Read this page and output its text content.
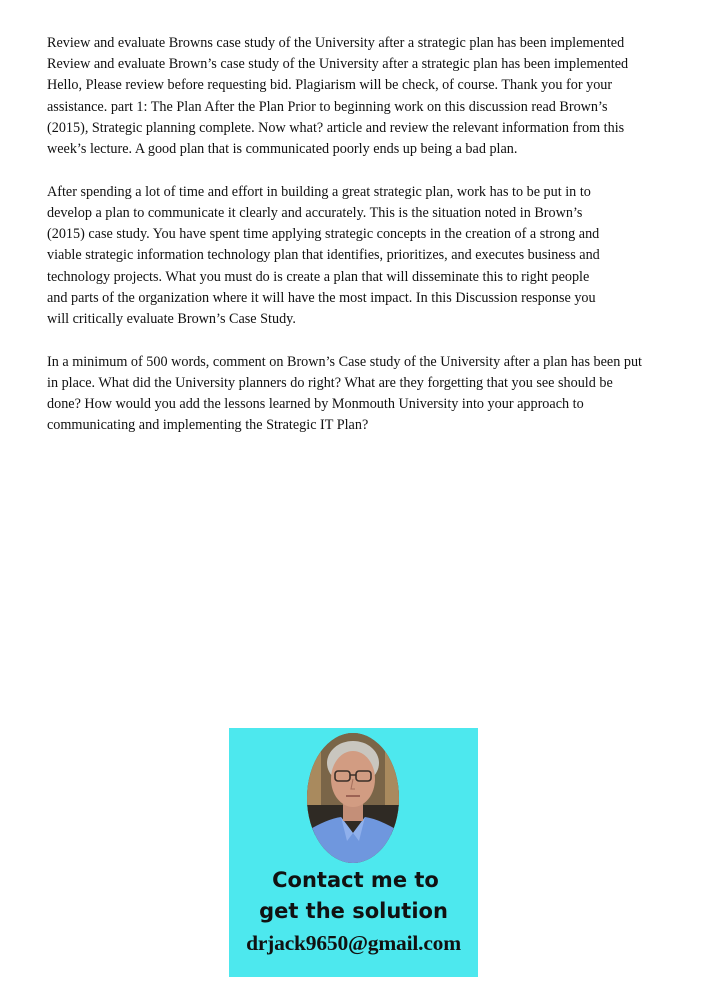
Review and evaluate Browns case study of the University after a strategic plan has been implemented
Review and evaluate Brown’s case study of the University after a strategic plan has been implemented
Hello, Please review before requesting bid. Plagiarism will be check, of course. Thank you for your
assistance. part 1: The Plan After the Plan Prior to beginning work on this discussion read Brown’s
(2015), Strategic planning complete. Now what? article and review the relevant information from this
week’s lecture. A good plan that is communicated poorly ends up being a bad plan.

After spending a lot of time and effort in building a great strategic plan, work has to be put in to
develop a plan to communicate it clearly and accurately. This is the situation noted in Brown’s
(2015) case study. You have spent time applying strategic concepts in the creation of a strong and
viable strategic information technology plan that identifies, prioritizes, and executes business and
technology projects. What you must do is create a plan that will disseminate this to right people
and parts of the organization where it will have the most impact. In this Discussion response you
will critically evaluate Brown’s Case Study.

In a minimum of 500 words, comment on Brown’s Case study of the University after a plan has been put
in place. What did the University planners do right? What are they forgetting that you see should be
done? How would you add the lessons learned by Monmouth University into your approach to
communicating and implementing the Strategic IT Plan?

Contact me to
get the solution
drjack9650@gmail.com
